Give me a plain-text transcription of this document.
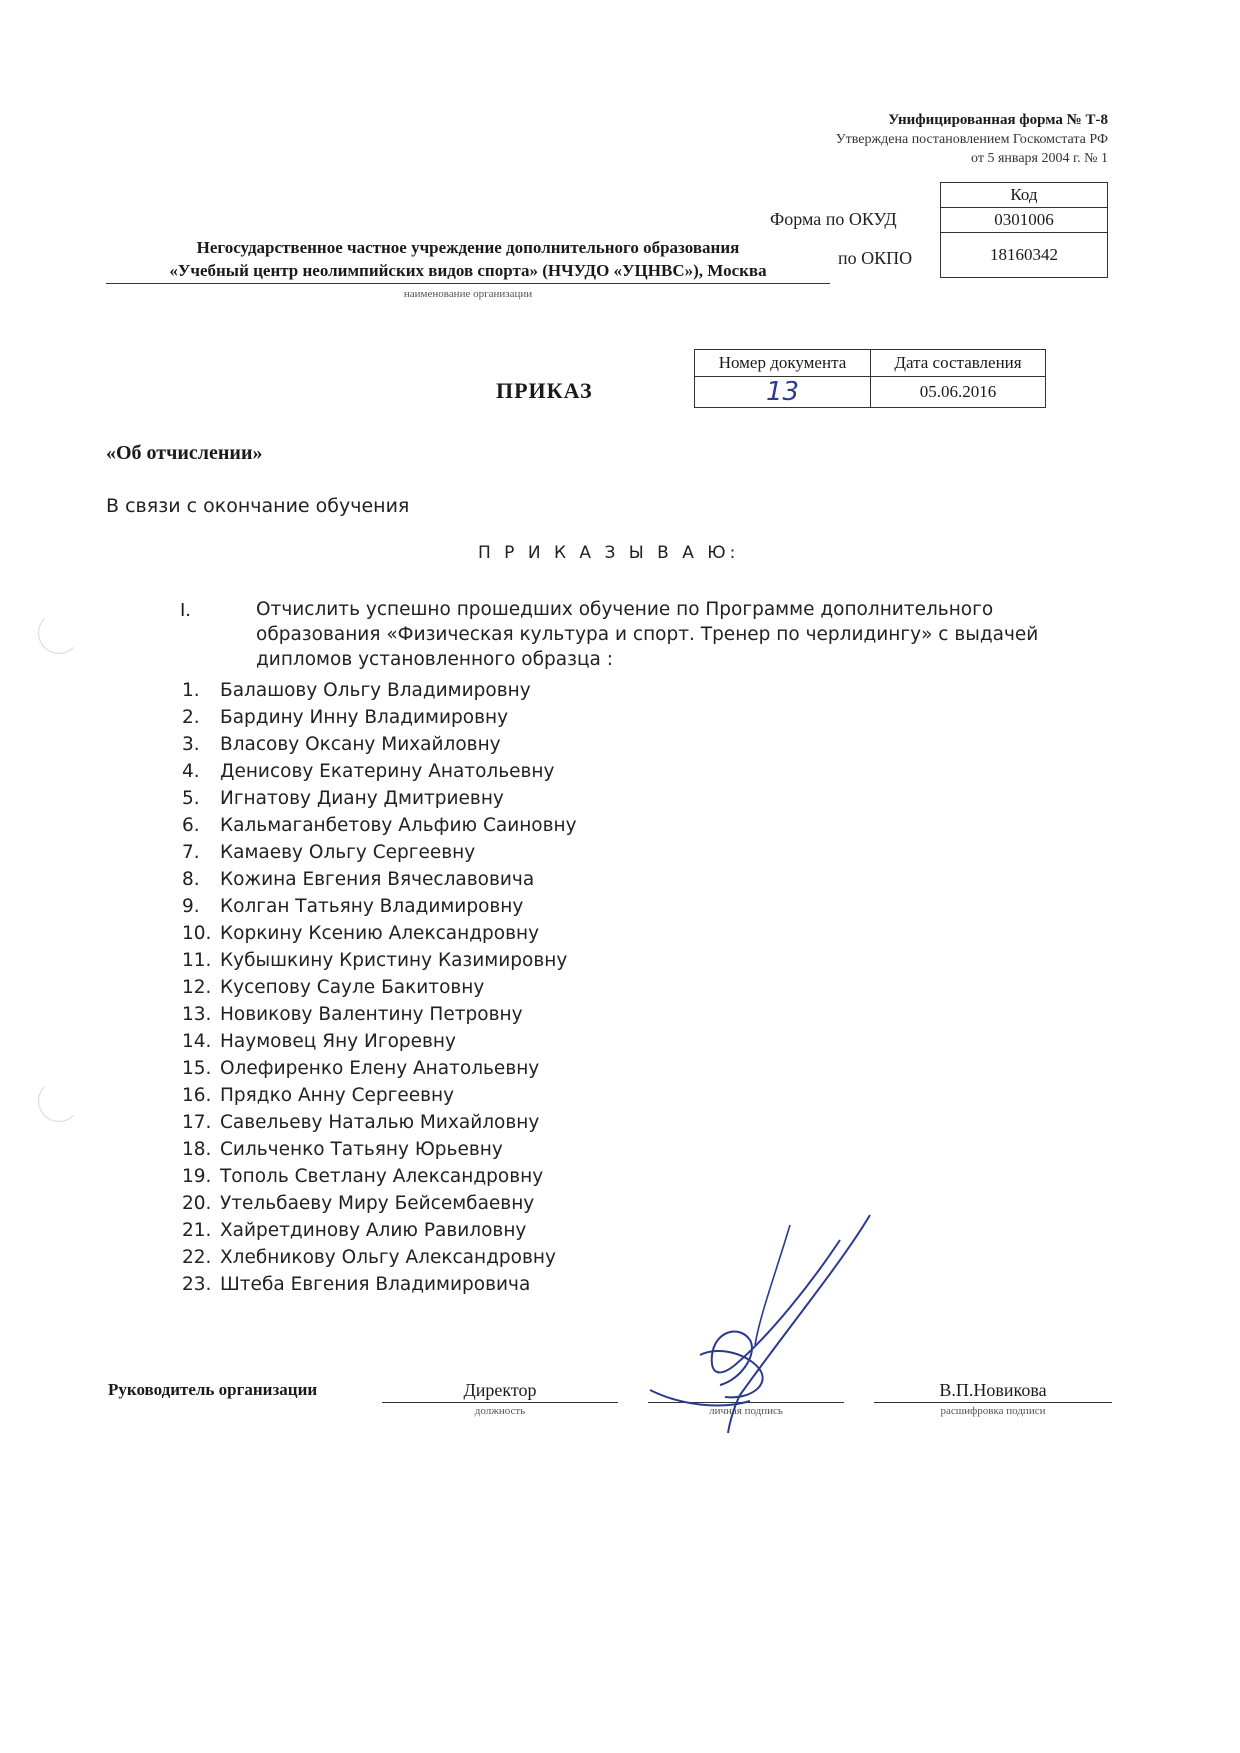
Унифицированная форма № Т-8
Утверждена постановлением Госкомстата РФ
от 5 января 2004 г. № 1
Код
0301006
18160342
Форма по ОКУД
по ОКПО
Негосударственное частное учреждение дополнительного образования
«Учебный центр неолимпийских видов спорта» (НЧУДО «УЦНВС»), Москва
наименование организации
Номер документа	Дата составления
13	05.06.2016
ПРИКАЗ
«Об отчислении»
В связи с окончание обучения
П Р И К А З Ы В А Ю:
I.	Отчислить успешно прошедших обучение по Программе дополнительного образования «Физическая культура и спорт. Тренер по черлидингу» с выдачей дипломов установленного образца :
1. Балашову Ольгу Владимировну
2. Бардину Инну Владимировну
3. Власову Оксану Михайловну
4. Денисову Екатерину Анатольевну
5. Игнатову Диану Дмитриевну
6. Кальмаганбетову Альфию Саиновну
7. Камаеву Ольгу Сергеевну
8. Кожина Евгения Вячеславовича
9. Колган Татьяну Владимировну
10. Коркину Ксению Александровну
11. Кубышкину Кристину Казимировну
12. Кусепову Сауле Бакитовну
13. Новикову Валентину Петровну
14. Наумовец Яну Игоревну
15. Олефиренко Елену Анатольевну
16. Прядко Анну Сергеевну
17. Савельеву Наталью Михайловну
18. Сильченко Татьяну Юрьевну
19. Тополь Светлану Александровну
20. Утельбаеву Миру Бейсембаевну
21. Хайретдинову Алию Равиловну
22. Хлебникову Ольгу Александровну
23. Штеба Евгения Владимировича
Руководитель организации	Директор	В.П.Новикова
должность	личная подпись	расшифровка подписи
